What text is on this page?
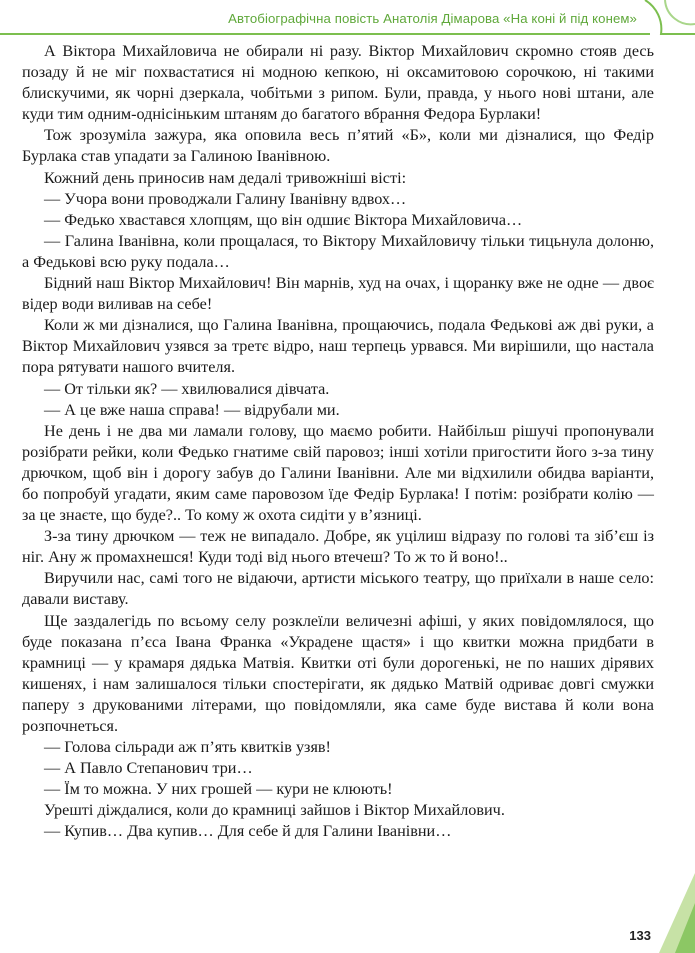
Автобіографічна повість Анатолія Дімарова «На коні й під конем»

А Віктора Михайловича не обирали ні разу. Віктор Михайлович скромно стояв десь позаду й не міг похвастатися ні модною кепкою, ні оксамитовою сорочкою, ні такими блискучими, як чорні дзеркала, чобітьми з рипом. Були, правда, у нього нові штани, але куди тим одним-однісіньким штаням до багатого вбрання Федора Бурлаки!

Тож зрозуміла зажура, яка оповила весь п’ятий «Б», коли ми дізналися, що Федір Бурлака став упадати за Галиною Іванівною.

Кожний день приносив нам дедалі тривожніші вісті:

— Учора вони проводжали Галину Іванівну вдвох…

— Федько хвастався хлопцям, що він одшиє Віктора Михайловича…

— Галина Іванівна, коли прощалася, то Віктору Михайловичу тільки тицьнула долоню, а Федькові всю руку подала…

Бідний наш Віктор Михайлович! Він марнів, худ на очах, і щоранку вже не одне — двоє відер води виливав на себе!

Коли ж ми дізналися, що Галина Іванівна, прощаючись, подала Федькові аж дві руки, а Віктор Михайлович узявся за третє відро, наш терпець урвався. Ми вирішили, що настала пора рятувати нашого вчителя.

— От тільки як? — хвилювалися дівчата.

— А це вже наша справа! — відрубали ми.

Не день і не два ми ламали голову, що маємо робити. Найбільш рішучі пропонували розібрати рейки, коли Федько гнатиме свій паровоз; інші хотіли пригостити його з-за тину дрючком, щоб він і дорогу забув до Галини Іванівни. Але ми відхилили обидва варіанти, бо попробуй угадати, яким саме паровозом їде Федір Бурлака! І потім: розібрати колію — за це знаєте, що буде?.. То кому ж охота сидіти у в’язниці.

З-за тину дрючком — теж не випадало. Добре, як уцілиш відразу по голові та зіб’єш із ніг. Ану ж промахнешся! Куди тоді від нього втечеш? То ж то й воно!..

Виручили нас, самі того не відаючи, артисти міського театру, що приїхали в наше село: давали виставу.

Ще заздалегідь по всьому селу розклеїли величезні афіші, у яких повідомлялося, що буде показана п’єса Івана Франка «Украдене щастя» і що квитки можна придбати в крамниці — у крамаря дядька Матвія. Квитки оті були дорогенькі, не по наших дірявих кишенях, і нам залишалося тільки спостерігати, як дядько Матвій одриває довгі смужки паперу з друкованими літерами, що повідомляли, яка саме буде вистава й коли вона розпочнеться.

— Голова сільради аж п’ять квитків узяв!

— А Павло Степанович три…

— Їм то можна. У них грошей — кури не клюють!

Урешті діждалися, коли до крамниці зайшов і Віктор Михайлович.

— Купив… Два купив… Для себе й для Галини Іванівни…

133
